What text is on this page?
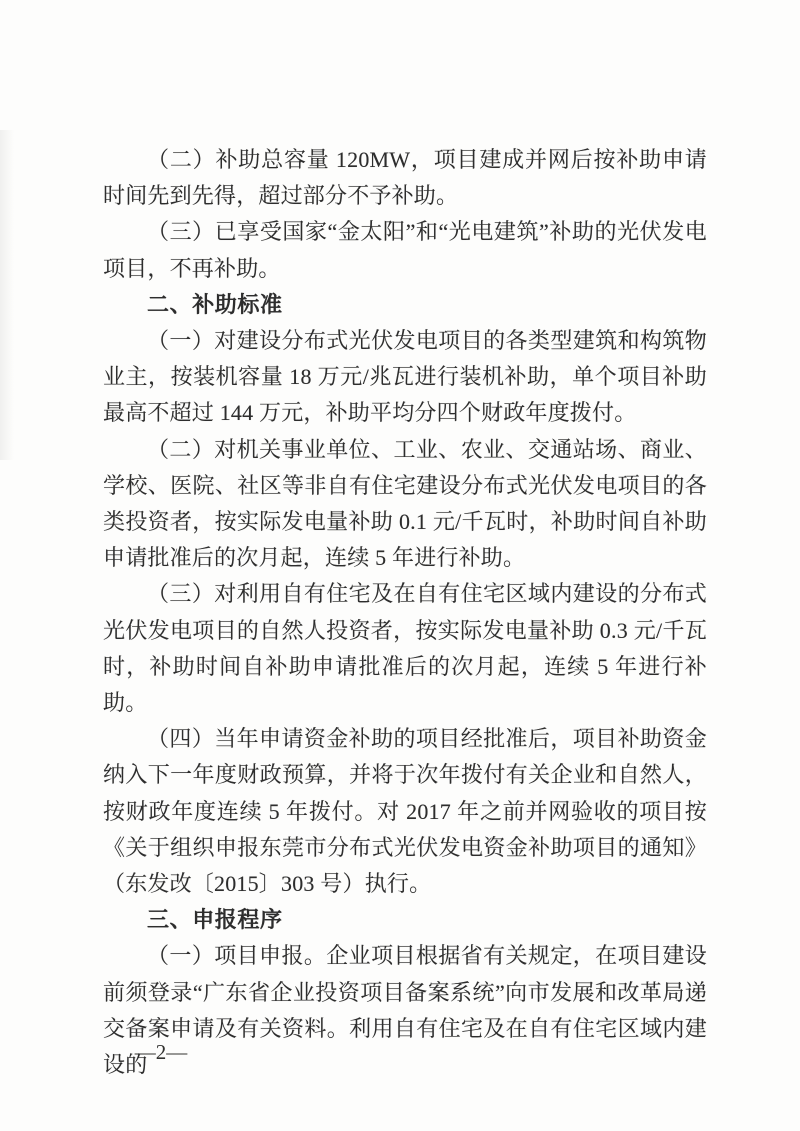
（二）补助总容量 120MW，项目建成并网后按补助申请时间先到先得，超过部分不予补助。

（三）已享受国家“金太阳”和“光电建筑”补助的光伏发电项目，不再补助。

二、补助标准

（一）对建设分布式光伏发电项目的各类型建筑和构筑物业主，按装机容量 18 万元/兆瓦进行装机补助，单个项目补助最高不超过 144 万元，补助平均分四个财政年度拨付。

（二）对机关事业单位、工业、农业、交通站场、商业、学校、医院、社区等非自有住宅建设分布式光伏发电项目的各类投资者，按实际发电量补助 0.1 元/千瓦时，补助时间自补助申请批准后的次月起，连续 5 年进行补助。

（三）对利用自有住宅及在自有住宅区域内建设的分布式光伏发电项目的自然人投资者，按实际发电量补助 0.3 元/千瓦时，补助时间自补助申请批准后的次月起，连续 5 年进行补助。

（四）当年申请资金补助的项目经批准后，项目补助资金纳入下一年度财政预算，并将于次年拨付有关企业和自然人，按财政年度连续 5 年拨付。对 2017 年之前并网验收的项目按《关于组织申报东莞市分布式光伏发电资金补助项目的通知》（东发改〔2015〕303 号）执行。

三、申报程序

（一）项目申报。企业项目根据省有关规定，在项目建设前须登录“广东省企业投资项目备案系统”向市发展和改革局递交备案申请及有关资料。利用自有住宅及在自有住宅区域内建设的

—2—
